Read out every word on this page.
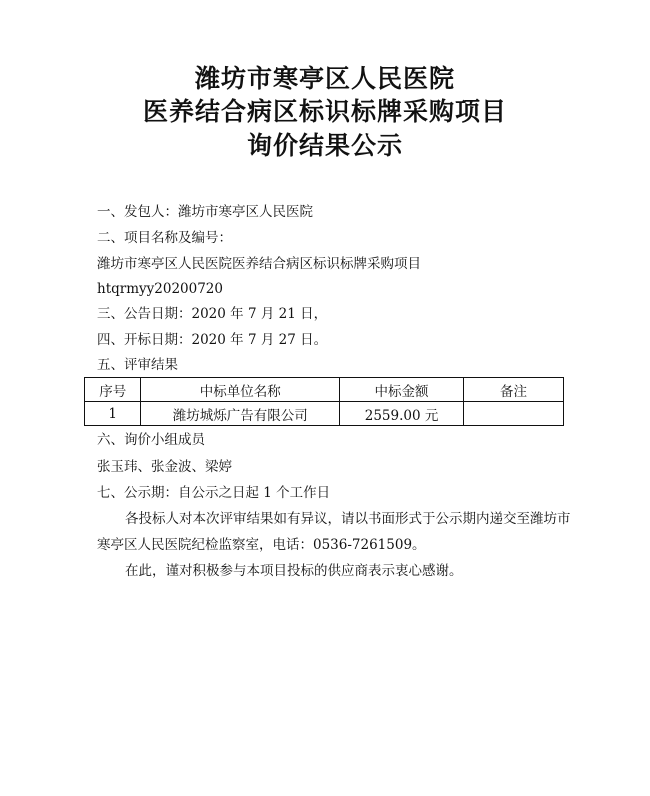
潍坊市寒亭区人民医院
医养结合病区标识标牌采购项目
询价结果公示
一、发包人：潍坊市寒亭区人民医院
二、项目名称及编号：
潍坊市寒亭区人民医院医养结合病区标识标牌采购项目
htqrmyy20200720
三、公告日期：2020 年 7 月 21 日，
四、开标日期：2020 年 7 月 27 日。
五、评审结果
序号	中标单位名称	中标金额	备注
1	潍坊城烁广告有限公司	2559.00 元	
六、询价小组成员
张玉玮、张金波、梁婷
七、公示期：自公示之日起 1 个工作日
各投标人对本次评审结果如有异议，请以书面形式于公示期内递交至潍坊市
寒亭区人民医院纪检监察室，电话：0536-7261509。
在此，谨对积极参与本项目投标的供应商表示衷心感谢。
